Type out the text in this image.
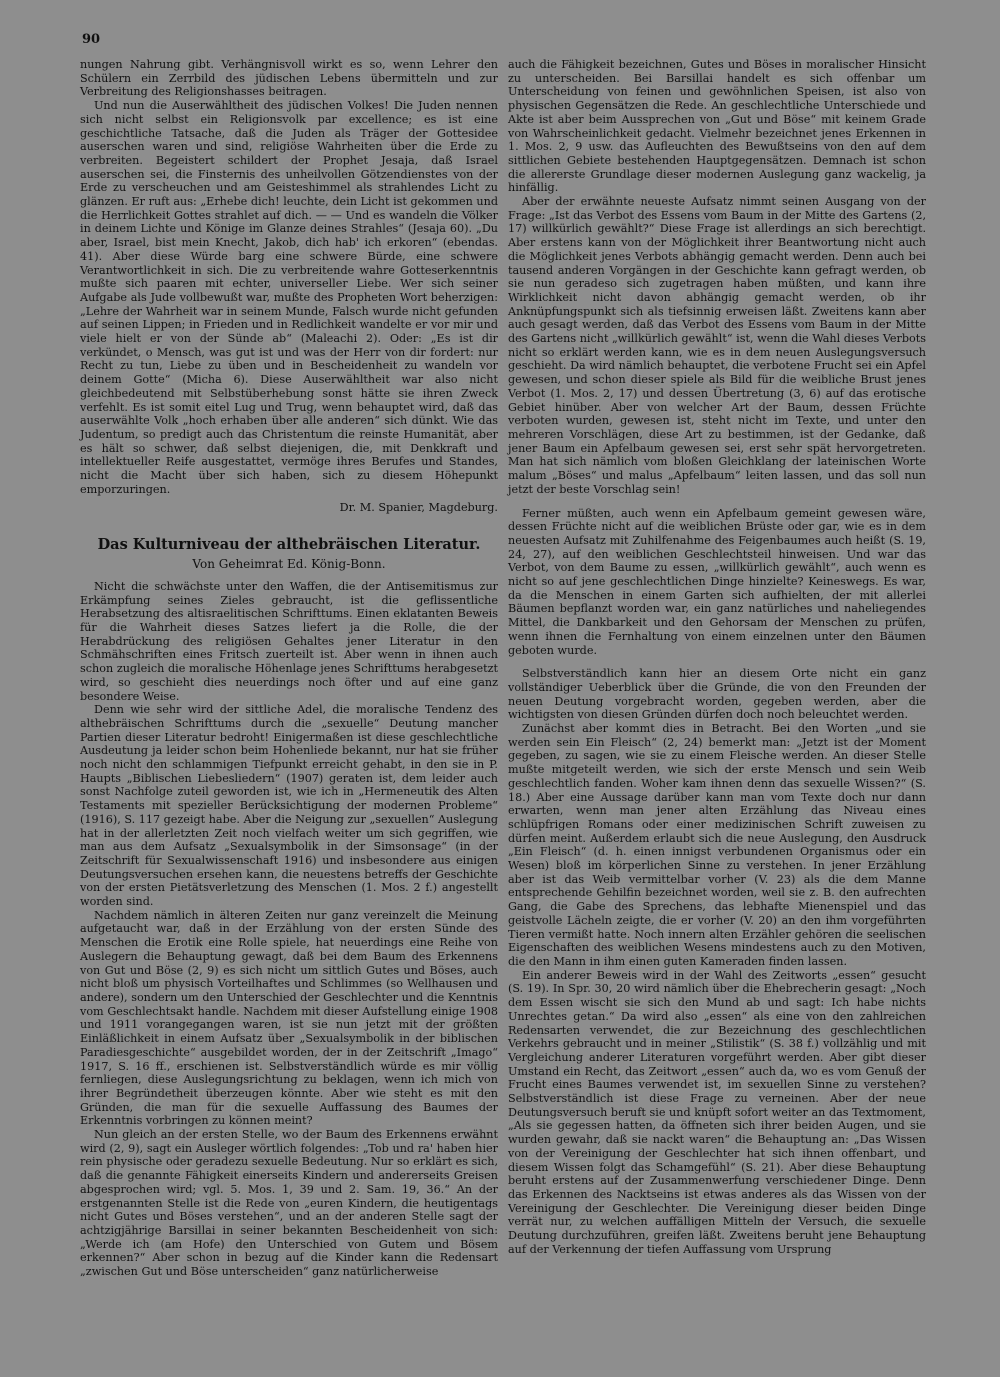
90

nungen Nahrung gibt. Verhängnisvoll wirkt es so, wenn Lehrer den Schülern ein Zerrbild des jüdischen Lebens übermitteln und zur Verbreitung des Religionshasses beitragen.

Und nun die Auserwähltheit des jüdischen Volkes! Die Juden nennen sich nicht selbst ein Religionsvolk par excellence; es ist eine geschichtliche Tatsache, daß die Juden als Träger der Gottesidee auserschen waren und sind, religiöse Wahrheiten über die Erde zu verbreiten. Begeistert schildert der Prophet Jesaja, daß Israel auserschen sei, die Finsternis des unheilvollen Götzendienstes von der Erde zu verscheuchen und am Geisteshimmel als strahlendes Licht zu glänzen. Er ruft aus: „Erhebe dich! leuchte, dein Licht ist gekommen und die Herrlichkeit Gottes strahlet auf dich. — — Und es wandeln die Völker in deinem Lichte und Könige im Glanze deines Strahles“ (Jesaja 60). „Du aber, Israel, bist mein Knecht, Jakob, dich hab' ich erkoren“ (ebendas. 41). Aber diese Würde barg eine schwere Bürde, eine schwere Verantwortlichkeit in sich. Die zu verbreitende wahre Gotteserkenntnis mußte sich paaren mit echter, universeller Liebe. Wer sich seiner Aufgabe als Jude vollbewußt war, mußte des Propheten Wort beherzigen: „Lehre der Wahrheit war in seinem Munde, Falsch wurde nicht gefunden auf seinen Lippen; in Frieden und in Redlichkeit wandelte er vor mir und viele hielt er von der Sünde ab“ (Maleachi 2). Oder: „Es ist dir verkündet, o Mensch, was gut ist und was der Herr von dir fordert: nur Recht zu tun, Liebe zu üben und in Bescheidenheit zu wandeln vor deinem Gotte“ (Micha 6). Diese Auserwähltheit war also nicht gleichbedeutend mit Selbstüberhebung sonst hätte sie ihren Zweck verfehlt. Es ist somit eitel Lug und Trug, wenn behauptet wird, daß das auserwählte Volk „hoch erhaben über alle anderen“ sich dünkt. Wie das Judentum, so predigt auch das Christentum die reinste Humanität, aber es hält so schwer, daß selbst diejenigen, die, mit Denkkraft und intellektueller Reife ausgestattet, vermöge ihres Berufes und Standes, nicht die Macht über sich haben, sich zu diesem Höhepunkt emporzuringen.

Dr. M. Spanier, Magdeburg.

Das Kulturniveau der althebräischen Literatur.

Von Geheimrat Ed. König-Bonn.

Nicht die schwächste unter den Waffen, die der Antisemitismus zur Erkämpfung seines Zieles gebraucht, ist die geflissentliche Herabsetzung des altisraelitischen Schrifttums. Einen eklatanten Beweis für die Wahrheit dieses Satzes liefert ja die Rolle, die der Herabdrückung des religiösen Gehaltes jener Literatur in den Schmähschriften eines Fritsch zuerteilt ist. Aber wenn in ihnen auch schon zugleich die moralische Höhenlage jenes Schrifttums herabgesetzt wird, so geschieht dies neuerdings noch öfter und auf eine ganz besondere Weise.

Denn wie sehr wird der sittliche Adel, die moralische Tendenz des althebräischen Schrifttums durch die „sexuelle“ Deutung mancher Partien dieser Literatur bedroht! Einigermaßen ist diese geschlechtliche Ausdeutung ja leider schon beim Hohenliede bekannt, nur hat sie früher noch nicht den schlammigen Tiefpunkt erreicht gehabt, in den sie in P. Haupts „Biblischen Liebesliedern“ (1907) geraten ist, dem leider auch sonst Nachfolge zuteil geworden ist, wie ich in „Hermeneutik des Alten Testaments mit spezieller Berücksichtigung der modernen Probleme“ (1916), S. 117 gezeigt habe. Aber die Neigung zur „sexuellen“ Auslegung hat in der allerletzten Zeit noch vielfach weiter um sich gegriffen, wie man aus dem Aufsatz „Sexualsymbolik in der Simsonsage“ (in der Zeitschrift für Sexualwissenschaft 1916) und insbesondere aus einigen Deutungsversuchen ersehen kann, die neuestens betreffs der Geschichte von der ersten Pietätsverletzung des Menschen (1. Mos. 2 f.) angestellt worden sind.

Nachdem nämlich in älteren Zeiten nur ganz vereinzelt die Meinung aufgetaucht war, daß in der Erzählung von der ersten Sünde des Menschen die Erotik eine Rolle spiele, hat neuerdings eine Reihe von Auslegern die Behauptung gewagt, daß bei dem Baum des Erkennens von Gut und Böse (2, 9) es sich nicht um sittlich Gutes und Böses, auch nicht bloß um physisch Vorteilhaftes und Schlimmes (so Wellhausen und andere), sondern um den Unterschied der Geschlechter und die Kenntnis vom Geschlechtsakt handle. Nachdem mit dieser Aufstellung einige 1908 und 1911 vorangegangen waren, ist sie nun jetzt mit der größten Einläßlichkeit in einem Aufsatz über „Sexualsymbolik in der biblischen Paradiesgeschichte“ ausgebildet worden, der in der Zeitschrift „Imago“ 1917, S. 16 ff., erschienen ist. Selbstverständlich würde es mir völlig fernliegen, diese Auslegungsrichtung zu beklagen, wenn ich mich von ihrer Begründetheit überzeugen könnte. Aber wie steht es mit den Gründen, die man für die sexuelle Auffassung des Baumes der Erkenntnis vorbringen zu können meint?

Nun gleich an der ersten Stelle, wo der Baum des Erkennens erwähnt wird (2, 9), sagt ein Ausleger wörtlich folgendes: „Tob und ra' haben hier rein physische oder geradezu sexuelle Bedeutung. Nur so erklärt es sich, daß die genannte Fähigkeit einerseits Kindern und andererseits Greisen abgesprochen wird; vgl. 5. Mos. 1, 39 und 2. Sam. 19, 36.“ An der erstgenannten Stelle ist die Rede von „euren Kindern, die heutigentags nicht Gutes und Böses verstehen“, und an der anderen Stelle sagt der achtzigjährige Barsillai in seiner bekannten Bescheidenheit von sich: „Werde ich (am Hofe) den Unterschied von Gutem und Bösem erkennen?“ Aber schon in bezug auf die Kinder kann die Redensart „zwischen Gut und Böse unterscheiden“ ganz natürlicherweise

auch die Fähigkeit bezeichnen, Gutes und Böses in moralischer Hinsicht zu unterscheiden. Bei Barsillai handelt es sich offenbar um Unterscheidung von feinen und gewöhnlichen Speisen, ist also von physischen Gegensätzen die Rede. An geschlechtliche Unterschiede und Akte ist aber beim Aussprechen von „Gut und Böse“ mit keinem Grade von Wahrscheinlichkeit gedacht. Vielmehr bezeichnet jenes Erkennen in 1. Mos. 2, 9 usw. das Aufleuchten des Bewußtseins von den auf dem sittlichen Gebiete bestehenden Hauptgegensätzen. Demnach ist schon die allererste Grundlage dieser modernen Auslegung ganz wackelig, ja hinfällig.

Aber der erwähnte neueste Aufsatz nimmt seinen Ausgang von der Frage: „Ist das Verbot des Essens vom Baum in der Mitte des Gartens (2, 17) willkürlich gewählt?“ Diese Frage ist allerdings an sich berechtigt. Aber erstens kann von der Möglichkeit ihrer Beantwortung nicht auch die Möglichkeit jenes Verbots abhängig gemacht werden. Denn auch bei tausend anderen Vorgängen in der Geschichte kann gefragt werden, ob sie nun geradeso sich zugetragen haben müßten, und kann ihre Wirklichkeit nicht davon abhängig gemacht werden, ob ihr Anknüpfungspunkt sich als tiefsinnig erweisen läßt. Zweitens kann aber auch gesagt werden, daß das Verbot des Essens vom Baum in der Mitte des Gartens nicht „willkürlich gewählt“ ist, wenn die Wahl dieses Verbots nicht so erklärt werden kann, wie es in dem neuen Auslegungsversuch geschieht. Da wird nämlich behauptet, die verbotene Frucht sei ein Apfel gewesen, und schon dieser spiele als Bild für die weibliche Brust jenes Verbot (1. Mos. 2, 17) und dessen Übertretung (3, 6) auf das erotische Gebiet hinüber. Aber von welcher Art der Baum, dessen Früchte verboten wurden, gewesen ist, steht nicht im Texte, und unter den mehreren Vorschlägen, diese Art zu bestimmen, ist der Gedanke, daß jener Baum ein Apfelbaum gewesen sei, erst sehr spät hervorgetreten. Man hat sich nämlich vom bloßen Gleichklang der lateinischen Worte malum „Böses“ und malus „Apfelbaum“ leiten lassen, und das soll nun jetzt der beste Vorschlag sein!

Ferner müßten, auch wenn ein Apfelbaum gemeint gewesen wäre, dessen Früchte nicht auf die weiblichen Brüste oder gar, wie es in dem neuesten Aufsatz mit Zuhilfenahme des Feigenbaumes auch heißt (S. 19, 24, 27), auf den weiblichen Geschlechtsteil hinweisen. Und war das Verbot, von dem Baume zu essen, „willkürlich gewählt“, auch wenn es nicht so auf jene geschlechtlichen Dinge hinzielte? Keineswegs. Es war, da die Menschen in einem Garten sich aufhielten, der mit allerlei Bäumen bepflanzt worden war, ein ganz natürliches und naheliegendes Mittel, die Dankbarkeit und den Gehorsam der Menschen zu prüfen, wenn ihnen die Fernhaltung von einem einzelnen unter den Bäumen geboten wurde.

Selbstverständlich kann hier an diesem Orte nicht ein ganz vollständiger Ueberblick über die Gründe, die von den Freunden der neuen Deutung vorgebracht worden, gegeben werden, aber die wichtigsten von diesen Gründen dürfen doch noch beleuchtet werden.

Zunächst aber kommt dies in Betracht. Bei den Worten „und sie werden sein Ein Fleisch“ (2, 24) bemerkt man: „Jetzt ist der Moment gegeben, zu sagen, wie sie zu einem Fleische werden. An dieser Stelle mußte mitgeteilt werden, wie sich der erste Mensch und sein Weib geschlechtlich fanden. Woher kam ihnen denn das sexuelle Wissen?“ (S. 18.) Aber eine Aussage darüber kann man vom Texte doch nur dann erwarten, wenn man jener alten Erzählung das Niveau eines schlüpfrigen Romans oder einer medizinischen Schrift zuweisen zu dürfen meint. Außerdem erlaubt sich die neue Auslegung, den Ausdruck „Ein Fleisch“ (d. h. einen innigst verbundenen Organismus oder ein Wesen) bloß im körperlichen Sinne zu verstehen. In jener Erzählung aber ist das Weib vermittelbar vorher (V. 23) als die dem Manne entsprechende Gehilfin bezeichnet worden, weil sie z. B. den aufrechten Gang, die Gabe des Sprechens, das lebhafte Mienenspiel und das geistvolle Lächeln zeigte, die er vorher (V. 20) an den ihm vorgeführten Tieren vermißt hatte. Noch innern alten Erzähler gehören die seelischen Eigenschaften des weiblichen Wesens mindestens auch zu den Motiven, die den Mann in ihm einen guten Kameraden finden lassen.

Ein anderer Beweis wird in der Wahl des Zeitworts „essen“ gesucht (S. 19). In Spr. 30, 20 wird nämlich über die Ehebrecherin gesagt: „Noch dem Essen wischt sie sich den Mund ab und sagt: Ich habe nichts Unrechtes getan.“ Da wird also „essen“ als eine von den zahlreichen Redensarten verwendet, die zur Bezeichnung des geschlechtlichen Verkehrs gebraucht und in meiner „Stilistik“ (S. 38 f.) vollzählig und mit Vergleichung anderer Literaturen vorgeführt werden. Aber gibt dieser Umstand ein Recht, das Zeitwort „essen“ auch da, wo es vom Genuß der Frucht eines Baumes verwendet ist, im sexuellen Sinne zu verstehen? Selbstverständlich ist diese Frage zu verneinen. Aber der neue Deutungsversuch beruft sie und knüpft sofort weiter an das Textmoment, „Als sie gegessen hatten, da öffneten sich ihrer beiden Augen, und sie wurden gewahr, daß sie nackt waren“ die Behauptung an: „Das Wissen von der Vereinigung der Geschlechter hat sich ihnen offenbart, und diesem Wissen folgt das Schamgefühl“ (S. 21). Aber diese Behauptung beruht erstens auf der Zusammenwerfung verschiedener Dinge. Denn das Erkennen des Nacktseins ist etwas anderes als das Wissen von der Vereinigung der Geschlechter. Die Vereinigung dieser beiden Dinge verrät nur, zu welchen auffälligen Mitteln der Versuch, die sexuelle Deutung durchzuführen, greifen läßt. Zweitens beruht jene Behauptung auf der Verkennung der tiefen Auffassung vom Ursprung
